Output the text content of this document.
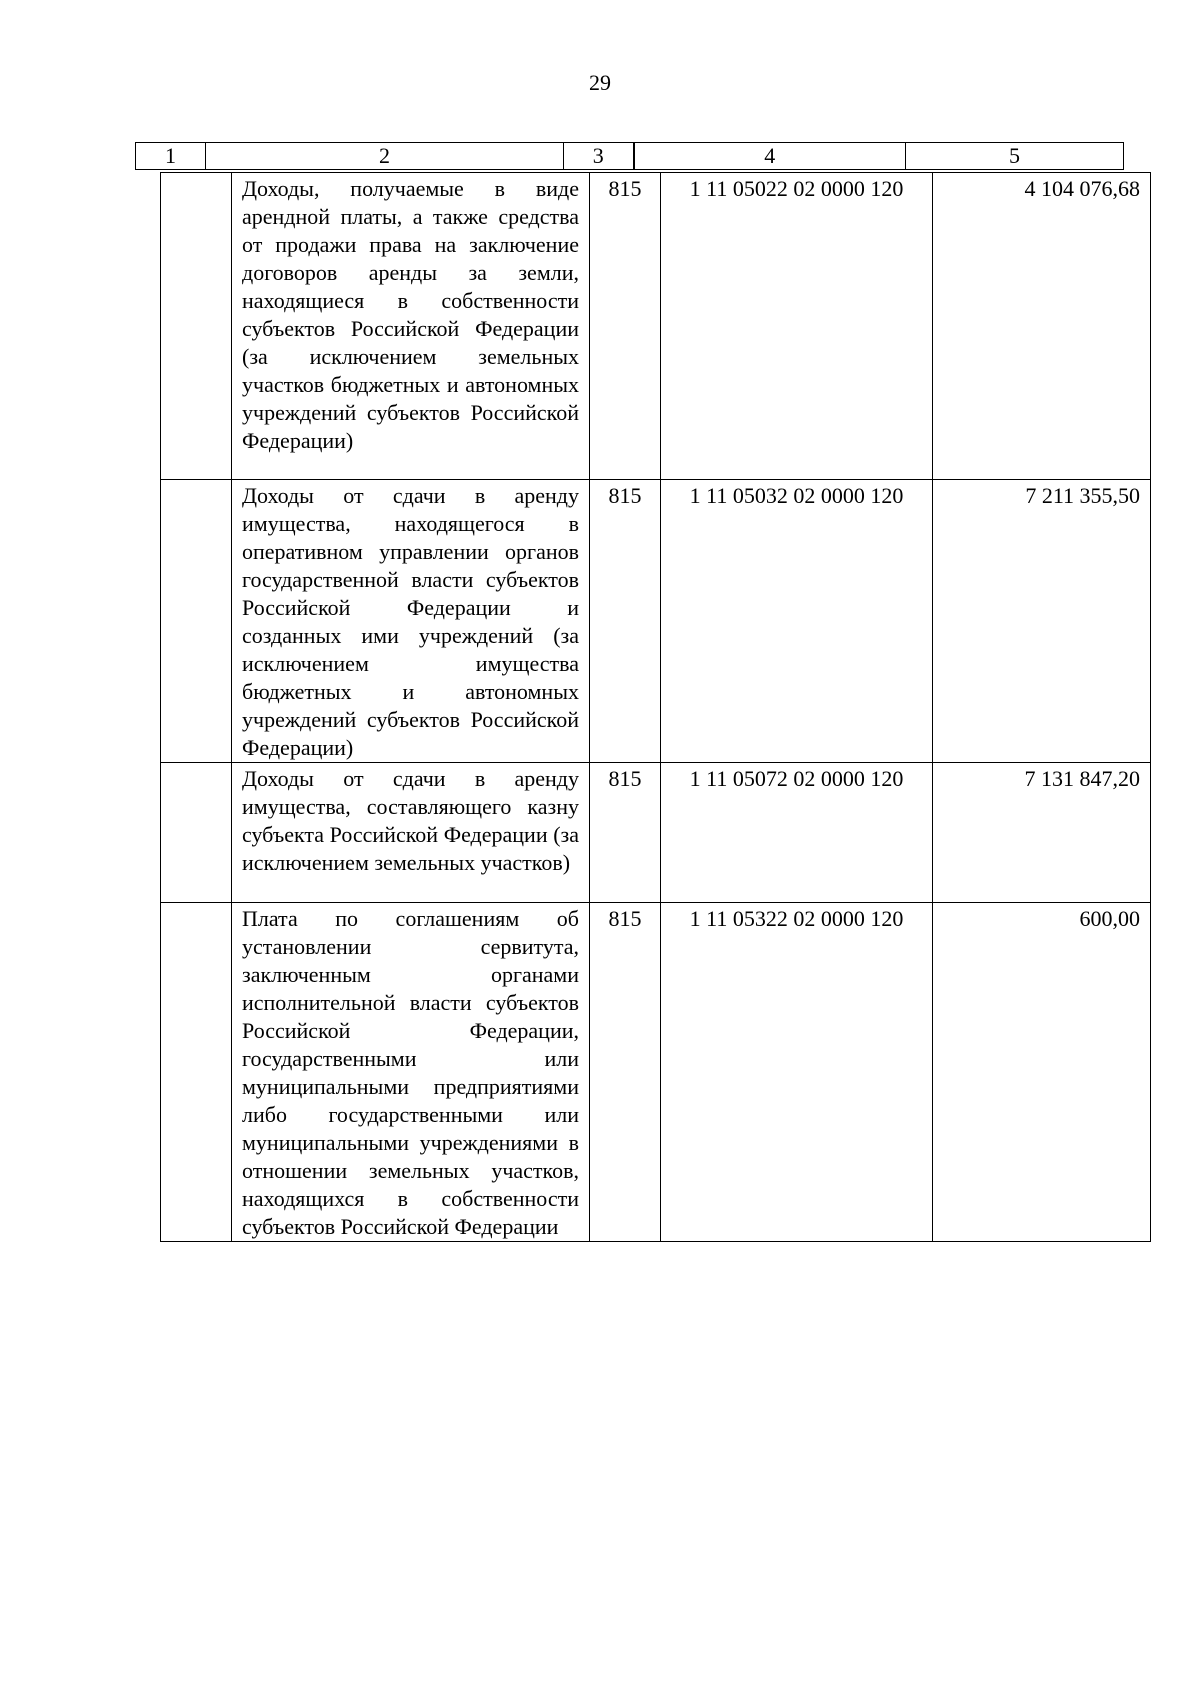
29
1	2	3	4	5
	Доходы, получаемые в виде арендной платы, а также средства от продажи права на заключение договоров аренды за земли, находящиеся в собственности субъектов Российской Федерации (за исключением земельных участков бюджетных и автономных учреждений субъектов Российской Федерации)	815	1 11 05022 02 0000 120	4 104 076,68
	Доходы от сдачи в аренду имущества, находящегося в оперативном управлении органов государственной власти субъектов Российской Федерации и созданных ими учреждений (за исключением имущества бюджетных и автономных учреждений субъектов Российской Федерации)	815	1 11 05032 02 0000 120	7 211 355,50
	Доходы от сдачи в аренду имущества, составляющего казну субъекта Российской Федерации (за исключением земельных участков)	815	1 11 05072 02 0000 120	7 131 847,20
	Плата по соглашениям об установлении сервитута, заключенным органами исполнительной власти субъектов Российской Федерации, государственными или муниципальными предприятиями либо государственными или муниципальными учреждениями в отношении земельных участков, находящихся в собственности субъектов Российской Федерации	815	1 11 05322 02 0000 120	600,00
